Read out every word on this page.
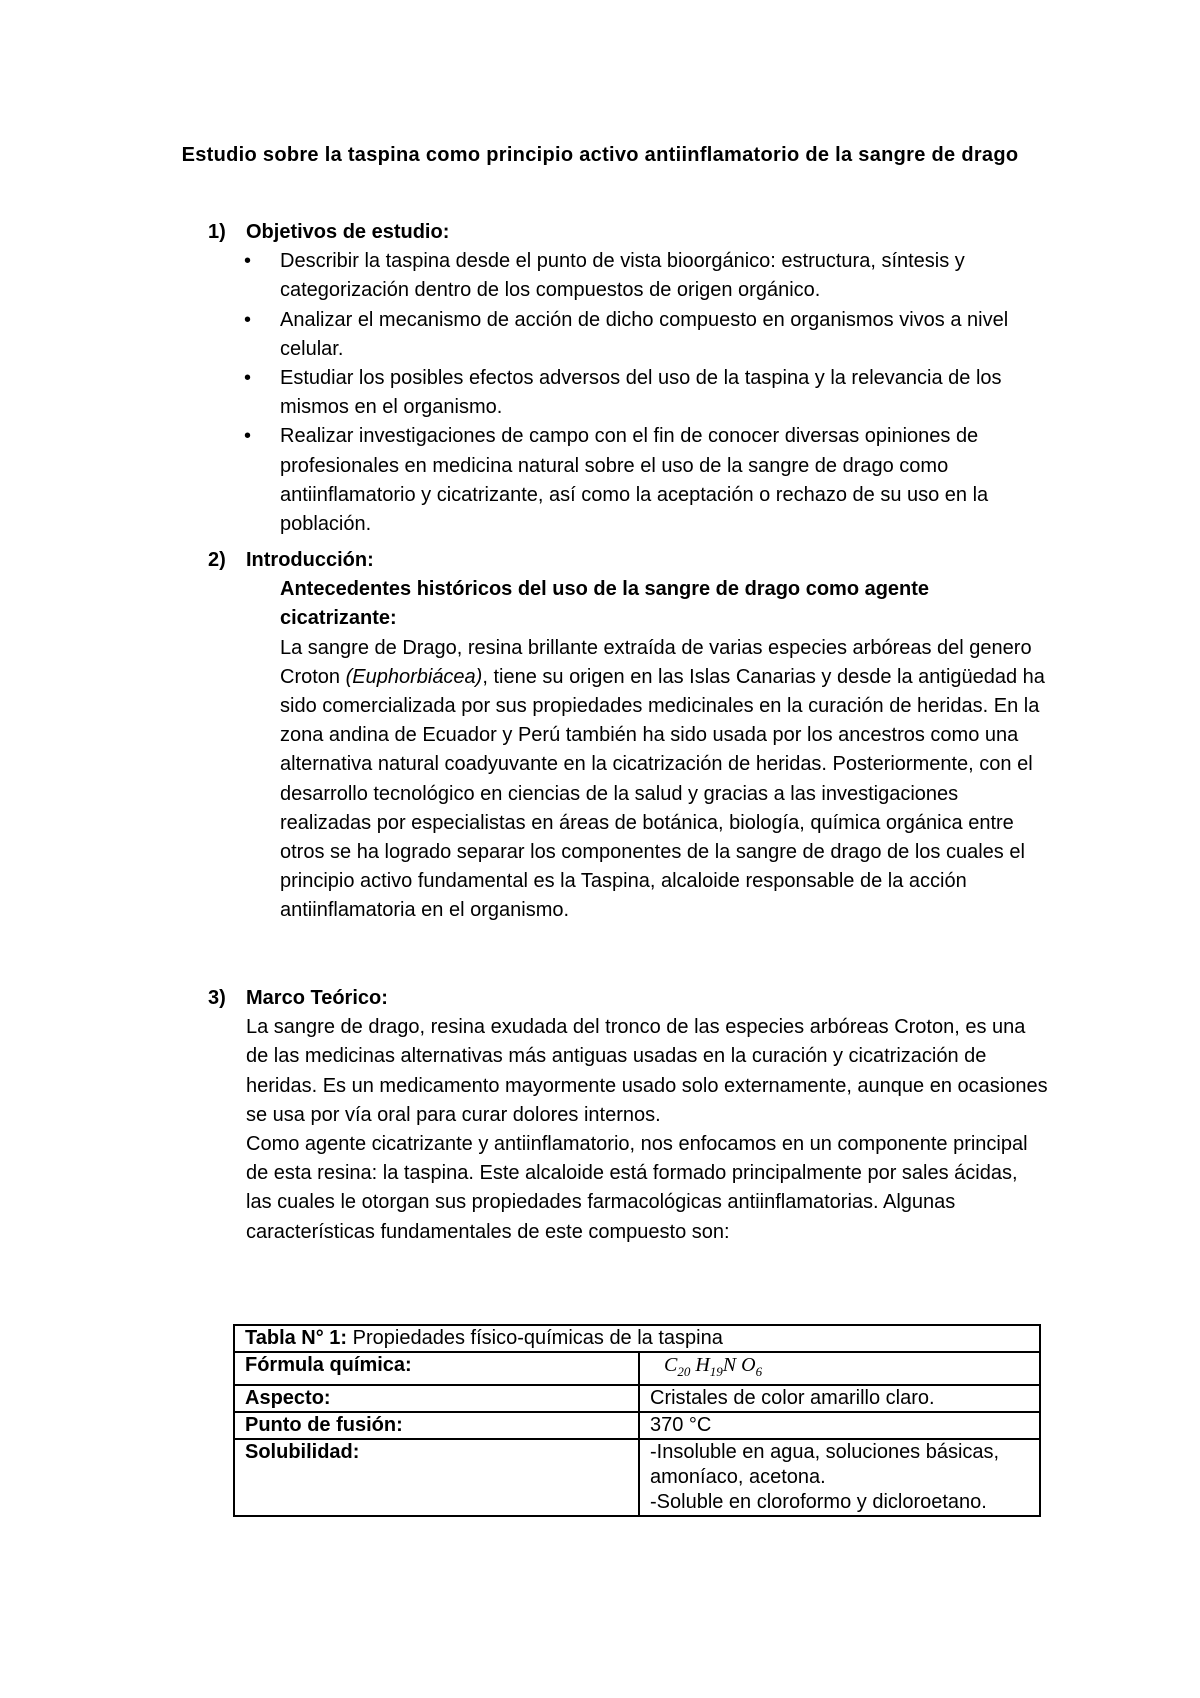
Estudio sobre la taspina como principio activo antiinflamatorio de la sangre de drago
1) Objetivos de estudio:
• Describir la taspina desde el punto de vista bioorgánico: estructura, síntesis y categorización dentro de los compuestos de origen orgánico.
• Analizar el mecanismo de acción de dicho compuesto en organismos vivos a nivel celular.
• Estudiar los posibles efectos adversos del uso de la taspina y la relevancia de los mismos en el organismo.
• Realizar investigaciones de campo con el fin de conocer diversas opiniones de profesionales en medicina natural sobre el uso de la sangre de drago como antiinflamatorio y cicatrizante, así como la aceptación o rechazo de su uso en la población.
2) Introducción:
Antecedentes históricos del uso de la sangre de drago como agente cicatrizante:

La sangre de Drago, resina brillante extraída de varias especies arbóreas del genero Croton (Euphorbiácea), tiene su origen en las Islas Canarias y desde la antigüedad ha sido comercializada por sus propiedades medicinales en la curación de heridas. En la zona andina de Ecuador y Perú también ha sido usada por los ancestros como una alternativa natural coadyuvante en la cicatrización de heridas. Posteriormente, con el desarrollo tecnológico en ciencias de la salud y gracias a las investigaciones realizadas por especialistas en áreas de botánica, biología, química orgánica entre otros se ha logrado separar los componentes de la sangre de drago de los cuales el principio activo fundamental es la Taspina, alcaloide responsable de la acción antiinflamatoria en el organismo.

3) Marco Teórico:

La sangre de drago, resina exudada del tronco de las especies arbóreas Croton, es una de las medicinas alternativas más antiguas usadas en la curación y cicatrización de heridas. Es un medicamento mayormente usado solo externamente, aunque en ocasiones se usa por vía oral para curar dolores internos.

Como agente cicatrizante y antiinflamatorio, nos enfocamos en un componente principal de esta resina: la taspina. Este alcaloide está formado principalmente por sales ácidas, las cuales le otorgan sus propiedades farmacológicas antiinflamatorias. Algunas características fundamentales de este compuesto son:

Tabla N° 1: Propiedades físico-químicas de la taspina	
Fórmula química:	$C_{20}$ $H_{19}N$ $O_6$
Aspecto:	Cristales de color amarillo claro.
Punto de fusión:	370 °C
Solubilidad:	-Insoluble en agua, soluciones básicas, amoníaco, acetona.
-Soluble en cloroformo y dicloroetano.
